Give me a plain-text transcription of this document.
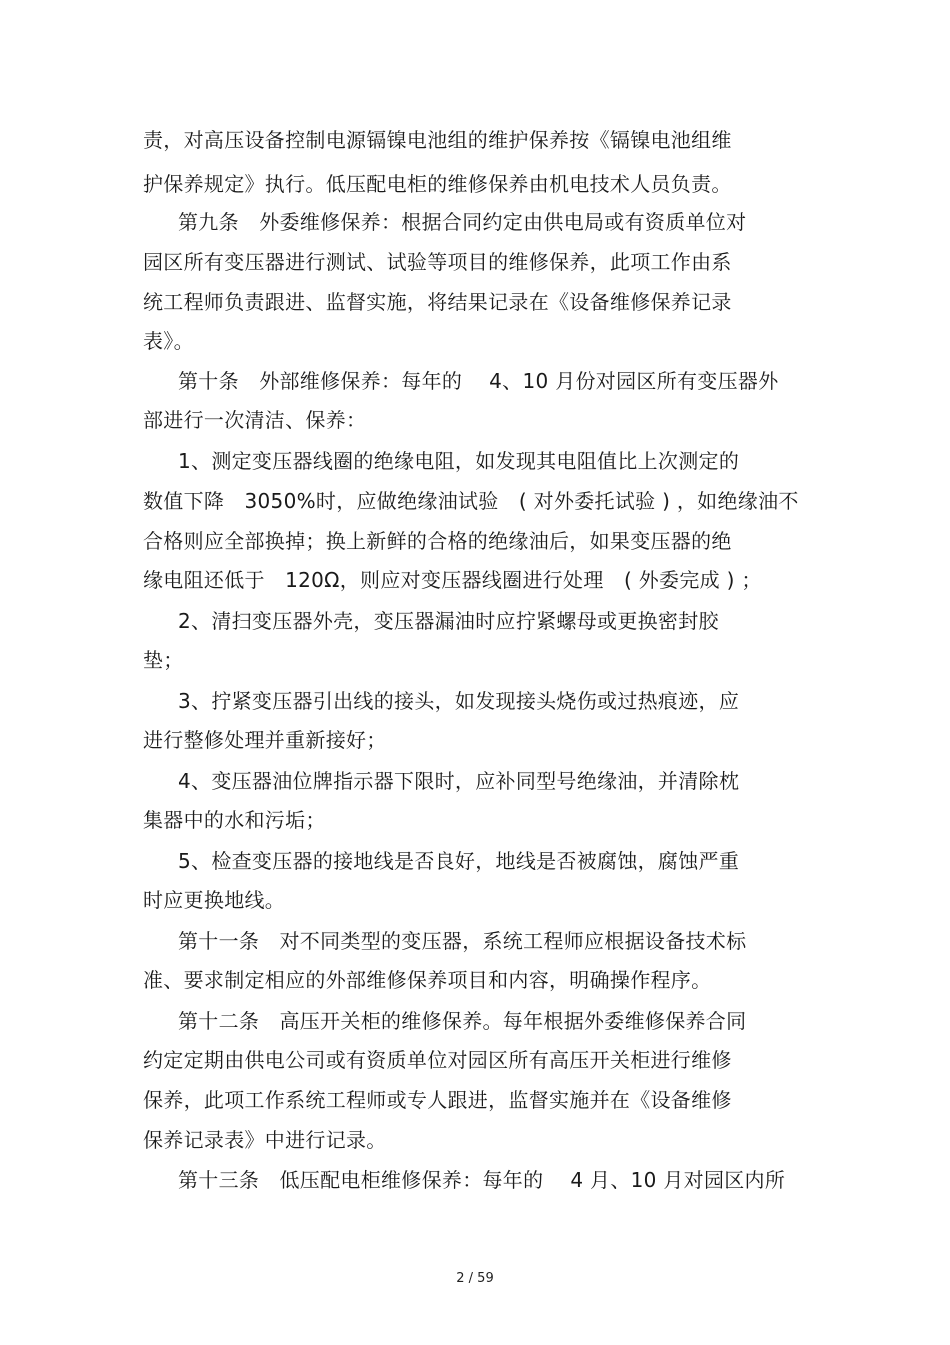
责，对高压设备控制电源镉镍电池组的维护保养按《镉镍电池组维
护保养规定》执行。低压配电柜的维修保养由机电技术人员负责。
第九条　外委维修保养：根据合同约定由供电局或有资质单位对
园区所有变压器进行测试、试验等项目的维修保养，此项工作由系
统工程师负责跟进、监督实施，将结果记录在《设备维修保养记录
表》。
第十条　外部维修保养：每年的　 4、10 月份对园区所有变压器外
部进行一次清洁、保养：
1、测定变压器线圈的绝缘电阻，如发现其电阻值比上次测定的
数值下降　3050%时，应做绝缘油试验　( 对外委托试验 ) ，如绝缘油不
合格则应全部换掉；换上新鲜的合格的绝缘油后，如果变压器的绝
缘电阻还低于　120Ω，则应对变压器线圈进行处理　( 外委完成 ) ；
2、清扫变压器外壳，变压器漏油时应拧紧螺母或更换密封胶
垫；
3、拧紧变压器引出线的接头，如发现接头烧伤或过热痕迹，应
进行整修处理并重新接好；
4、变压器油位牌指示器下限时，应补同型号绝缘油，并清除枕
集器中的水和污垢；
5、检查变压器的接地线是否良好，地线是否被腐蚀，腐蚀严重
时应更换地线。
第十一条　对不同类型的变压器，系统工程师应根据设备技术标
准、要求制定相应的外部维修保养项目和内容，明确操作程序。
第十二条　高压开关柜的维修保养。每年根据外委维修保养合同
约定定期由供电公司或有资质单位对园区所有高压开关柜进行维修
保养，此项工作系统工程师或专人跟进，监督实施并在《设备维修
保养记录表》中进行记录。
第十三条　低压配电柜维修保养：每年的　 4 月、10 月对园区内所
2 / 59
